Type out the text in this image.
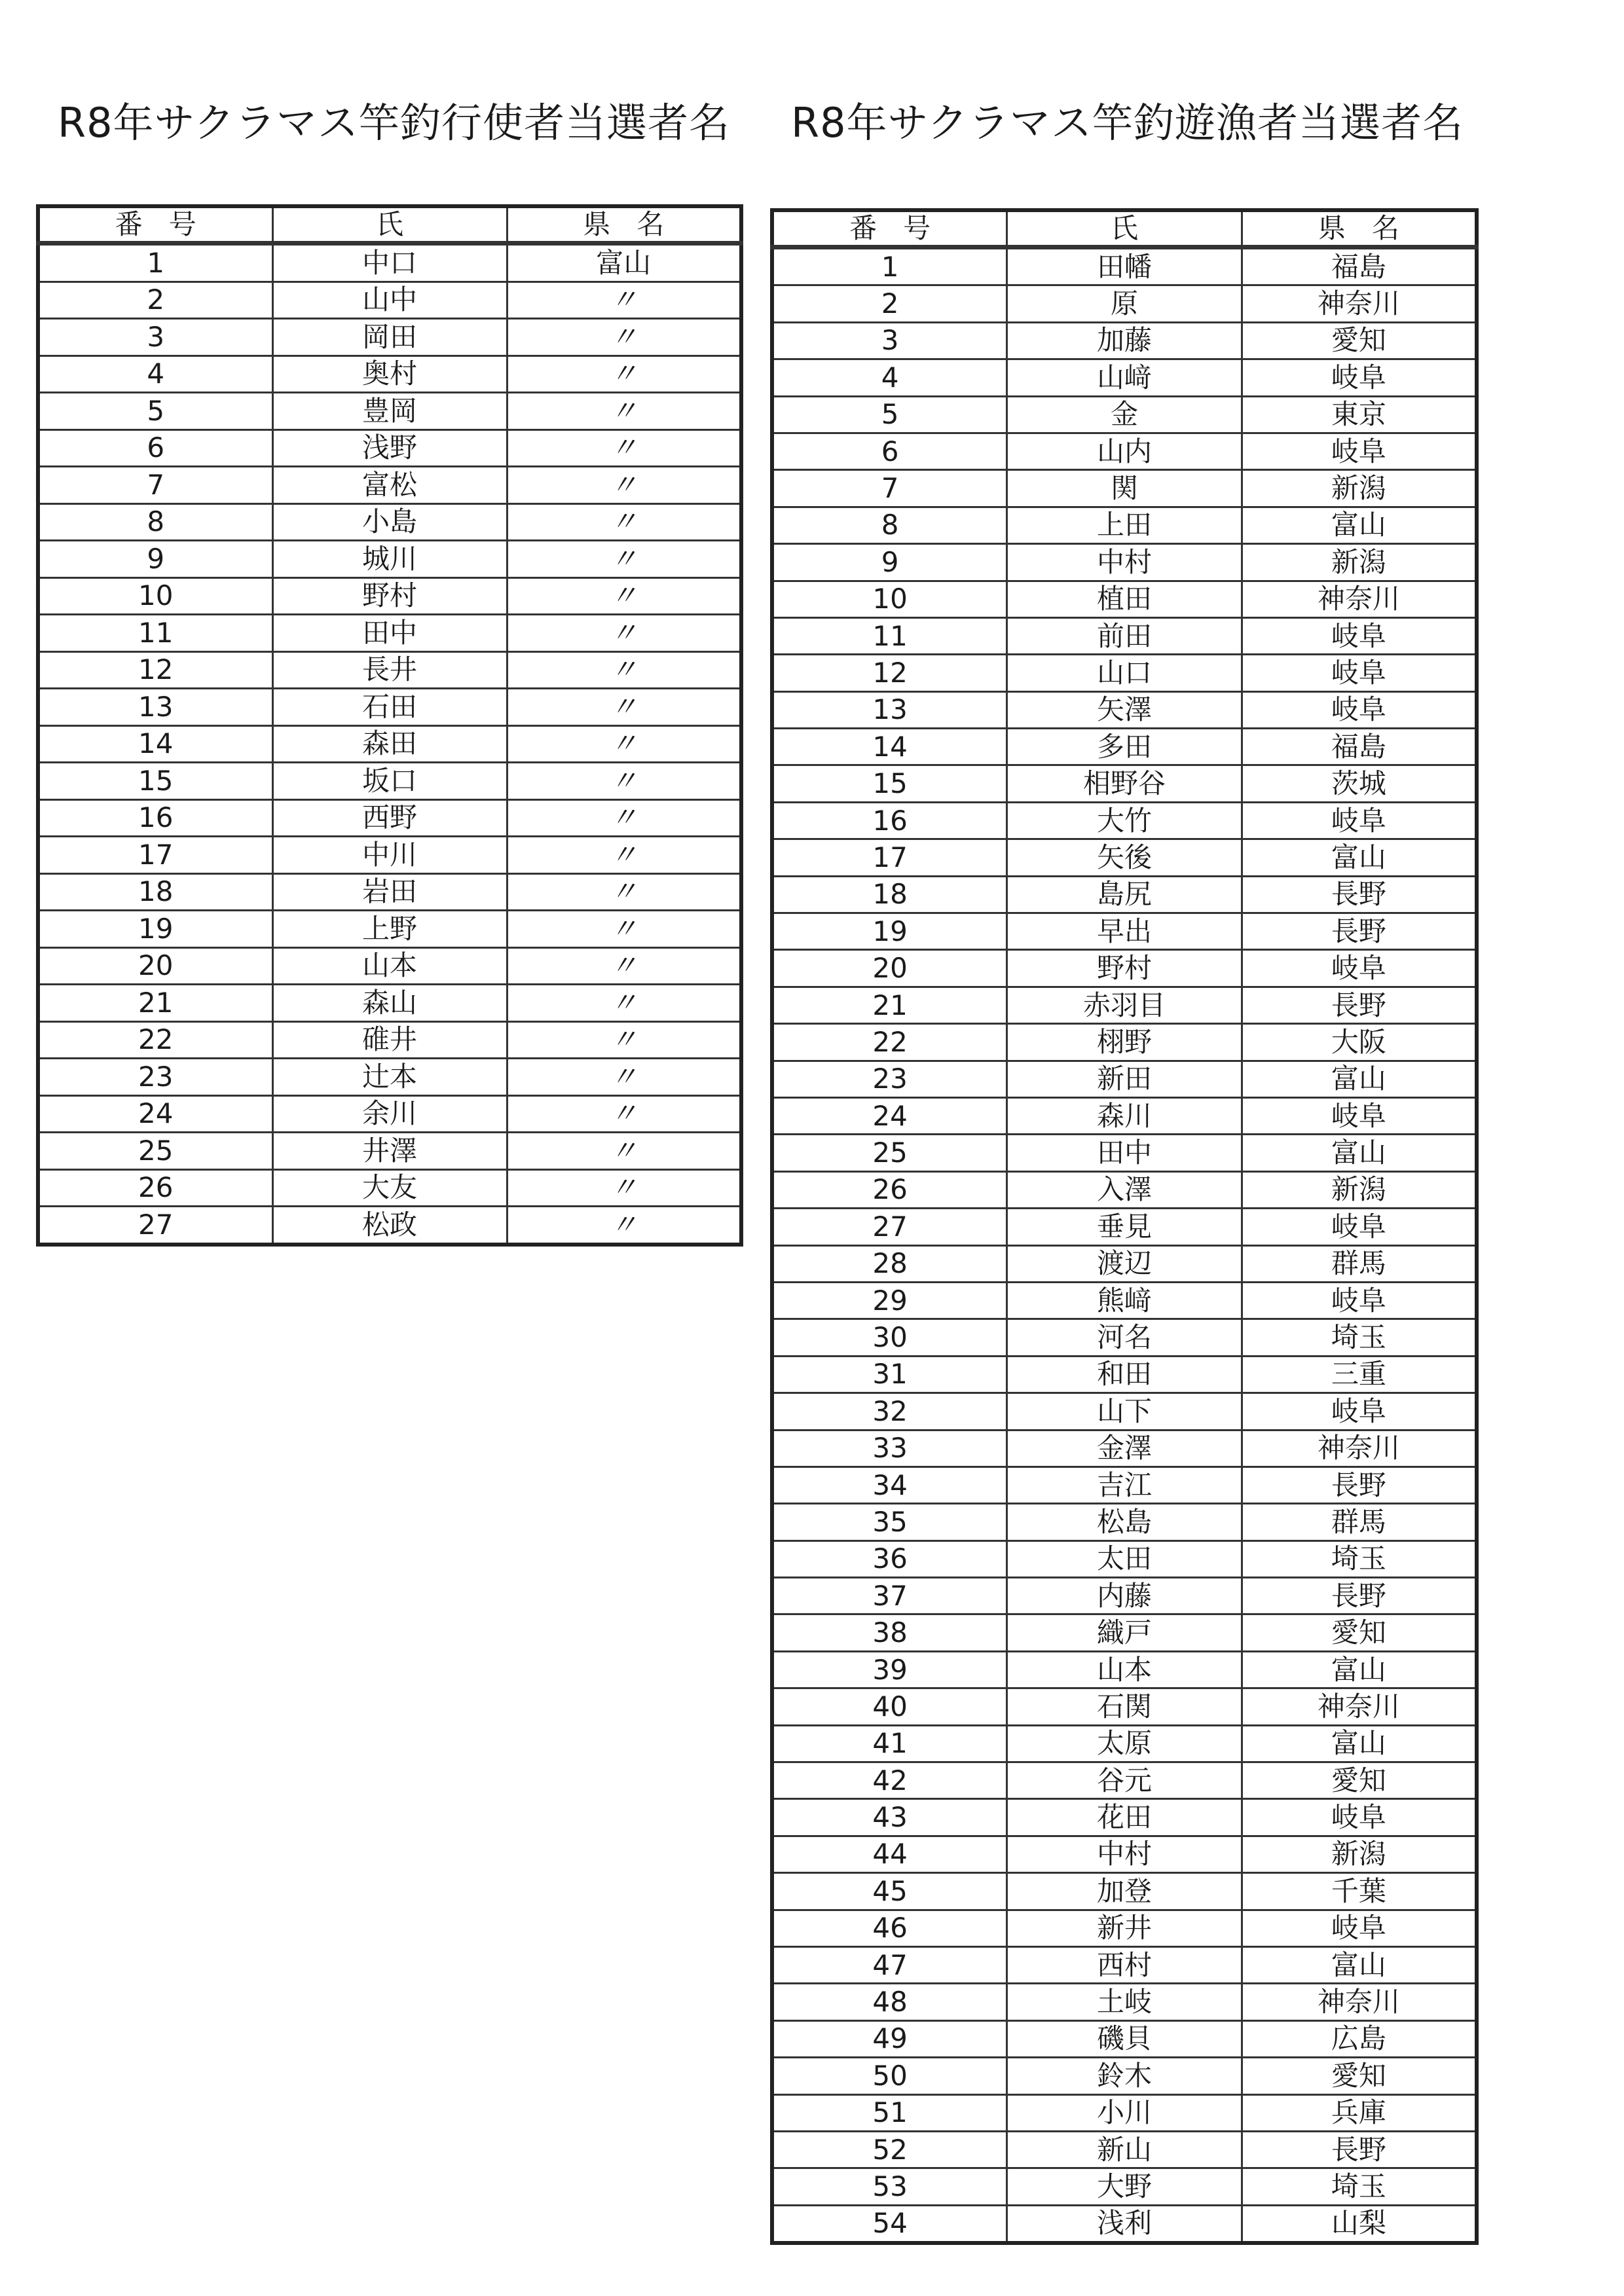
R8年サクラマス竿釣行使者当選者名 R8年サクラマス竿釣遊漁者当選者名
番号	氏	県名
1	中口	富山
2	山中	〃
3	岡田	〃
4	奥村	〃
5	豊岡	〃
6	浅野	〃
7	富松	〃
8	小島	〃
9	城川	〃
10	野村	〃
11	田中	〃
12	長井	〃
13	石田	〃
14	森田	〃
15	坂口	〃
16	西野	〃
17	中川	〃
18	岩田	〃
19	上野	〃
20	山本	〃
21	森山	〃
22	碓井	〃
23	辻本	〃
24	余川	〃
25	井澤	〃
26	大友	〃
27	松政	〃
番号	氏	県名
1	田幡	福島
2	原	神奈川
3	加藤	愛知
4	山﨑	岐阜
5	金	東京
6	山内	岐阜
7	関	新潟
8	上田	富山
9	中村	新潟
10	植田	神奈川
11	前田	岐阜
12	山口	岐阜
13	矢澤	岐阜
14	多田	福島
15	相野谷	茨城
16	大竹	岐阜
17	矢後	富山
18	島尻	長野
19	早出	長野
20	野村	岐阜
21	赤羽目	長野
22	栩野	大阪
23	新田	富山
24	森川	岐阜
25	田中	富山
26	入澤	新潟
27	垂見	岐阜
28	渡辺	群馬
29	熊﨑	岐阜
30	河名	埼玉
31	和田	三重
32	山下	岐阜
33	金澤	神奈川
34	吉江	長野
35	松島	群馬
36	太田	埼玉
37	内藤	長野
38	織戸	愛知
39	山本	富山
40	石関	神奈川
41	太原	富山
42	谷元	愛知
43	花田	岐阜
44	中村	新潟
45	加登	千葉
46	新井	岐阜
47	西村	富山
48	土岐	神奈川
49	磯貝	広島
50	鈴木	愛知
51	小川	兵庫
52	新山	長野
53	大野	埼玉
54	浅利	山梨
